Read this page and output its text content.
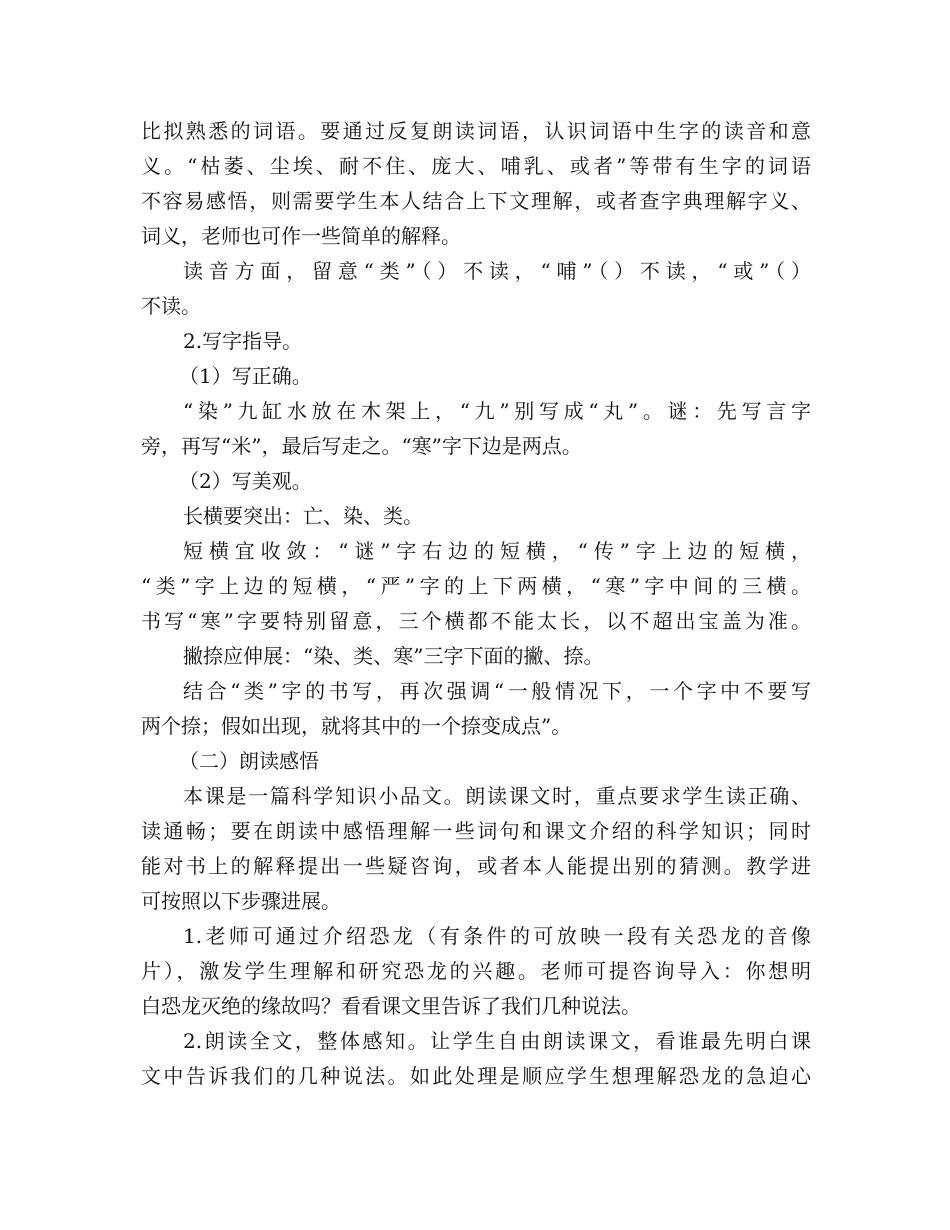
比拟熟悉的词语。要通过反复朗读词语，认识词语中生字的读音和意
义。“枯萎、尘埃、耐不住、庞大、哺乳、或者”等带有生字的词语
不容易感悟，则需要学生本人结合上下文理解，或者查字典理解字义、
词义，老师也可作一些简单的解释。
读音方面，留意“类”（）不读，“哺”（）不读，“或”（）
不读。
2.写字指导。
（1）写正确。
“染”九缸水放在木架上，“九”别写成“丸”。谜：先写言字
旁，再写“米”，最后写走之。“寒”字下边是两点。
（2）写美观。
长横要突出：亡、染、类。
短横宜收敛：“谜”字右边的短横，“传”字上边的短横，
“类”字上边的短横，“严”字的上下两横，“寒”字中间的三横。
书写“寒”字要特别留意，三个横都不能太长，以不超出宝盖为准。
撇捺应伸展：“染、类、寒”三字下面的撇、捺。
结合“类”字的书写，再次强调“一般情况下，一个字中不要写
两个捺；假如出现，就将其中的一个捺变成点”。
（二）朗读感悟
本课是一篇科学知识小品文。朗读课文时，重点要求学生读正确、
读通畅；要在朗读中感悟理解一些词句和课文介绍的科学知识；同时
能对书上的解释提出一些疑咨询，或者本人能提出别的猜测。教学进
可按照以下步骤进展。
1.老师可通过介绍恐龙（有条件的可放映一段有关恐龙的音像
片），激发学生理解和研究恐龙的兴趣。老师可提咨询导入：你想明
白恐龙灭绝的缘故吗？看看课文里告诉了我们几种说法。
2.朗读全文，整体感知。让学生自由朗读课文，看谁最先明白课
文中告诉我们的几种说法。如此处理是顺应学生想理解恐龙的急迫心
